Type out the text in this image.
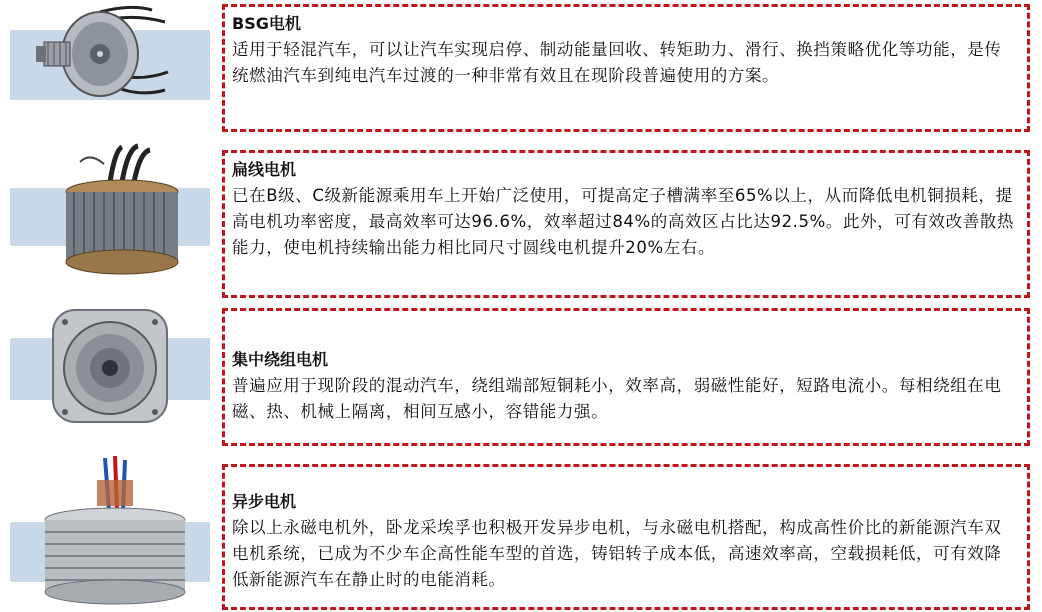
BSG电机

适用于轻混汽车，可以让汽车实现启停、制动能量回收、转矩助力、滑行、换挡策略优化等功能，是传统燃油汽车到纯电汽车过渡的一种非常有效且在现阶段普遍使用的方案。

扁线电机

已在B级、C级新能源乘用车上开始广泛使用，可提高定子槽满率至65%以上，从而降低电机铜损耗，提高电机功率密度，最高效率可达96.6%，效率超过84%的高效区占比达92.5%。此外，可有效改善散热能力，使电机持续输出能力相比同尺寸圆线电机提升20%左右。

集中绕组电机

普遍应用于现阶段的混动汽车，绕组端部短铜耗小，效率高，弱磁性能好，短路电流小。每相绕组在电磁、热、机械上隔离，相间互感小，容错能力强。

异步电机

除以上永磁电机外，卧龙采埃孚也积极开发异步电机，与永磁电机搭配，构成高性价比的新能源汽车双电机系统，已成为不少车企高性能车型的首选，铸铝转子成本低，高速效率高，空载损耗低，可有效降低新能源汽车在静止时的电能消耗。
